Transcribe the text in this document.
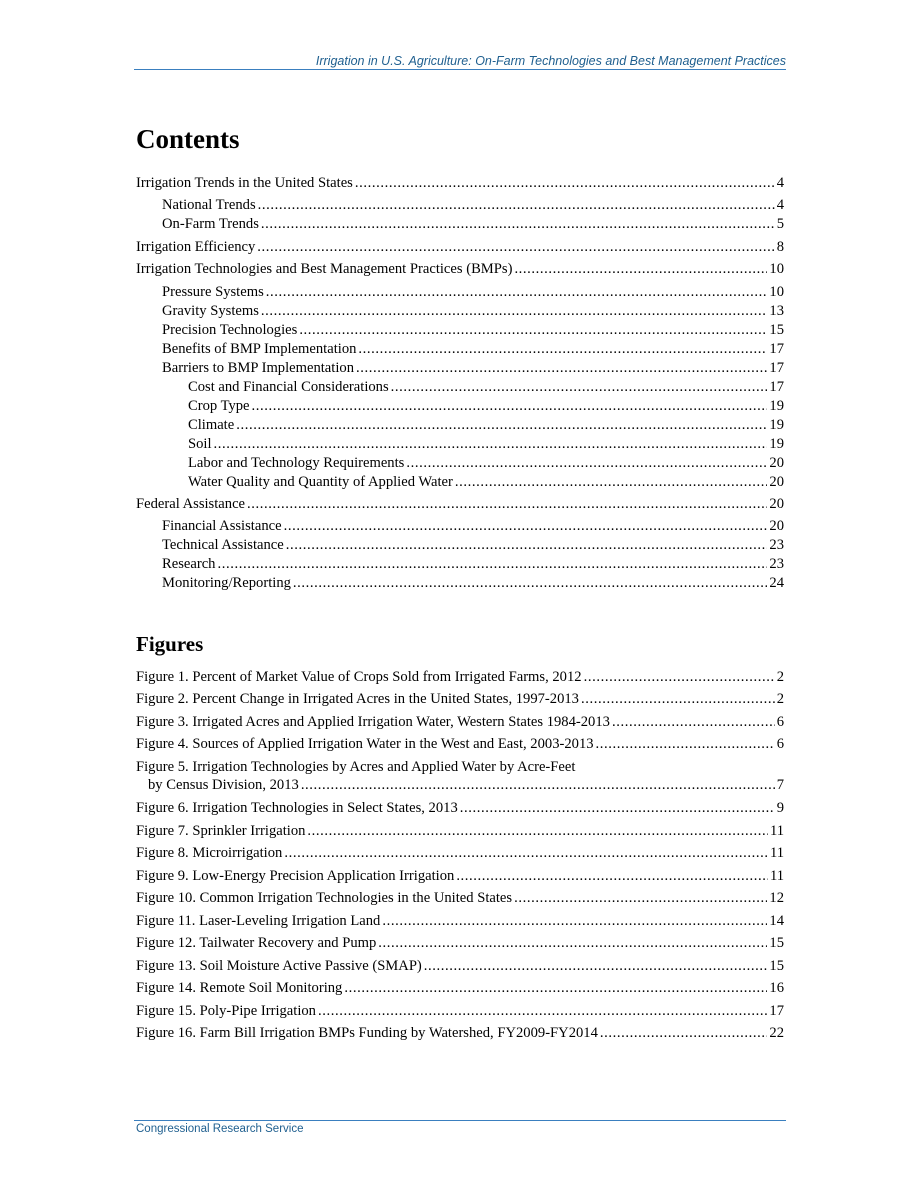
Irrigation in U.S. Agriculture: On-Farm Technologies and Best Management Practices
Contents
Irrigation Trends in the United States .....	4
National Trends .....	4
On-Farm Trends .....	5
Irrigation Efficiency .....	8
Irrigation Technologies and Best Management Practices (BMPs) .....	10
Pressure Systems .....	10
Gravity Systems .....	13
Precision Technologies .....	15
Benefits of BMP Implementation .....	17
Barriers to BMP Implementation .....	17
Cost and Financial Considerations .....	17
Crop Type .....	19
Climate .....	19
Soil .....	19
Labor and Technology Requirements .....	20
Water Quality and Quantity of Applied Water .....	20
Federal Assistance .....	20
Financial Assistance .....	20
Technical Assistance .....	23
Research .....	23
Monitoring/Reporting .....	24
Figures
Figure 1. Percent of Market Value of Crops Sold from Irrigated Farms, 2012 .....	2
Figure 2. Percent Change in Irrigated Acres in the United States, 1997-2013 .....	2
Figure 3. Irrigated Acres and Applied Irrigation Water, Western States 1984-2013 .....	6
Figure 4. Sources of Applied Irrigation Water in the West and East, 2003-2013 .....	6
Figure 5. Irrigation Technologies by Acres and Applied Water by Acre-Feet
by Census Division, 2013 .....	7
Figure 6. Irrigation Technologies in Select States, 2013 .....	9
Figure 7. Sprinkler Irrigation .....	11
Figure 8. Microirrigation .....	11
Figure 9. Low-Energy Precision Application Irrigation .....	11
Figure 10. Common Irrigation Technologies in the United States .....	12
Figure 11. Laser-Leveling Irrigation Land .....	14
Figure 12. Tailwater Recovery and Pump .....	15
Figure 13. Soil Moisture Active Passive (SMAP) .....	15
Figure 14. Remote Soil Monitoring .....	16
Figure 15. Poly-Pipe Irrigation .....	17
Figure 16. Farm Bill Irrigation BMPs Funding by Watershed, FY2009-FY2014 .....	22
Congressional Research Service
